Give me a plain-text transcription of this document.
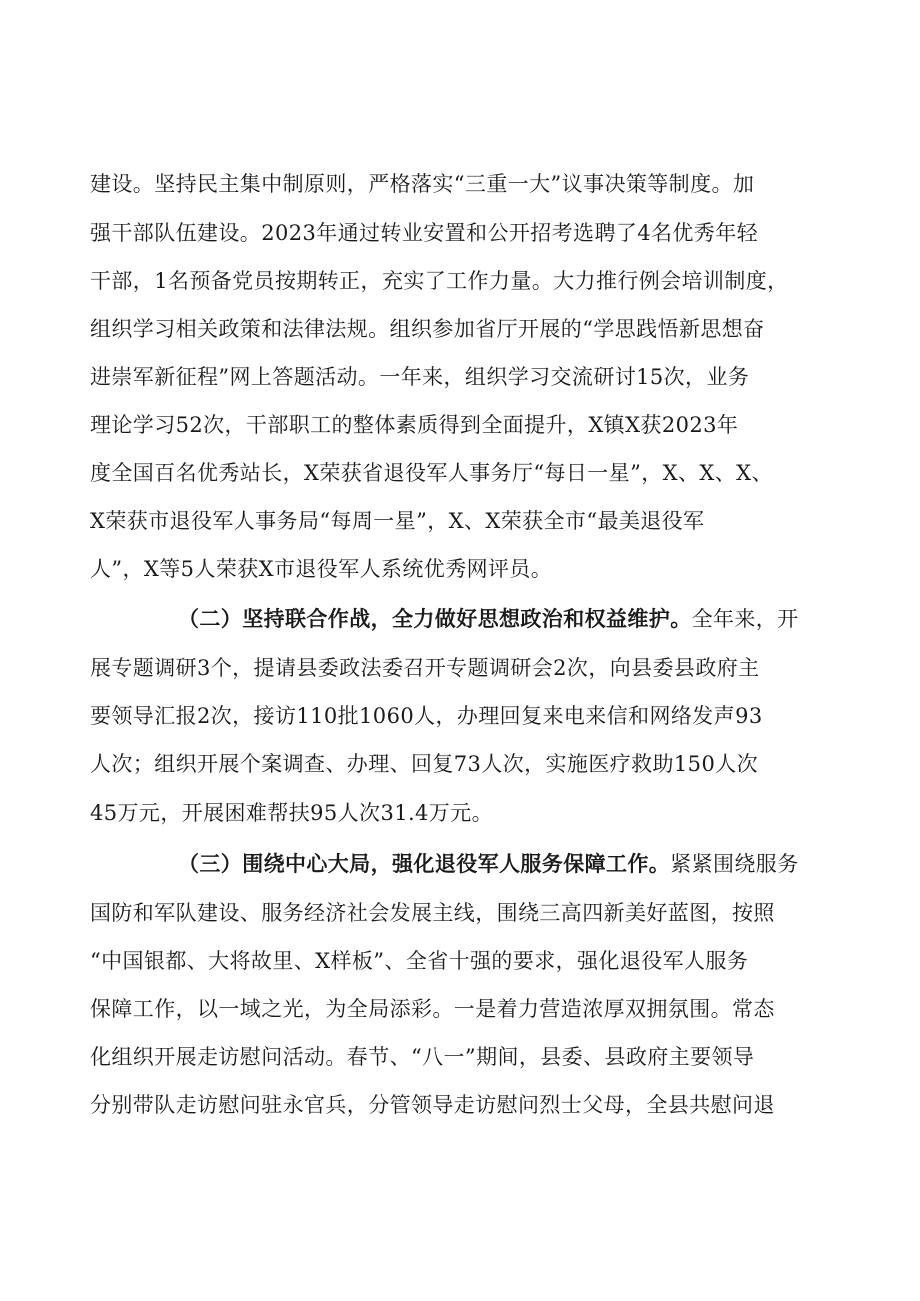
建设。坚持民主集中制原则，严格落实“三重一大”议事决策等制度。加
强干部队伍建设。2023年通过转业安置和公开招考选聘了4名优秀年轻
干部，1名预备党员按期转正，充实了工作力量。大力推行例会培训制度，
组织学习相关政策和法律法规。组织参加省厅开展的“学思践悟新思想奋
进崇军新征程”网上答题活动。一年来，组织学习交流研讨15次，业务
理论学习52次，干部职工的整体素质得到全面提升，X镇X获2023年
度全国百名优秀站长，X荣获省退役军人事务厅“每日一星”，X、X、X、
X荣获市退役军人事务局“每周一星”，X、X荣获全市“最美退役军
人”，X等5人荣获X市退役军人系统优秀网评员。
（二）坚持联合作战，全力做好思想政治和权益维护。全年来，开
展专题调研3个，提请县委政法委召开专题调研会2次，向县委县政府主
要领导汇报2次，接访110批1060人，办理回复来电来信和网络发声93
人次；组织开展个案调查、办理、回复73人次，实施医疗救助150人次
45万元，开展困难帮扶95人次31.4万元。
（三）围绕中心大局，强化退役军人服务保障工作。紧紧围绕服务
国防和军队建设、服务经济社会发展主线，围绕三高四新美好蓝图，按照
“中国银都、大将故里、X样板”、全省十强的要求，强化退役军人服务
保障工作，以一域之光，为全局添彩。一是着力营造浓厚双拥氛围。常态
化组织开展走访慰问活动。春节、“八一”期间，县委、县政府主要领导
分别带队走访慰问驻永官兵，分管领导走访慰问烈士父母，全县共慰问退
